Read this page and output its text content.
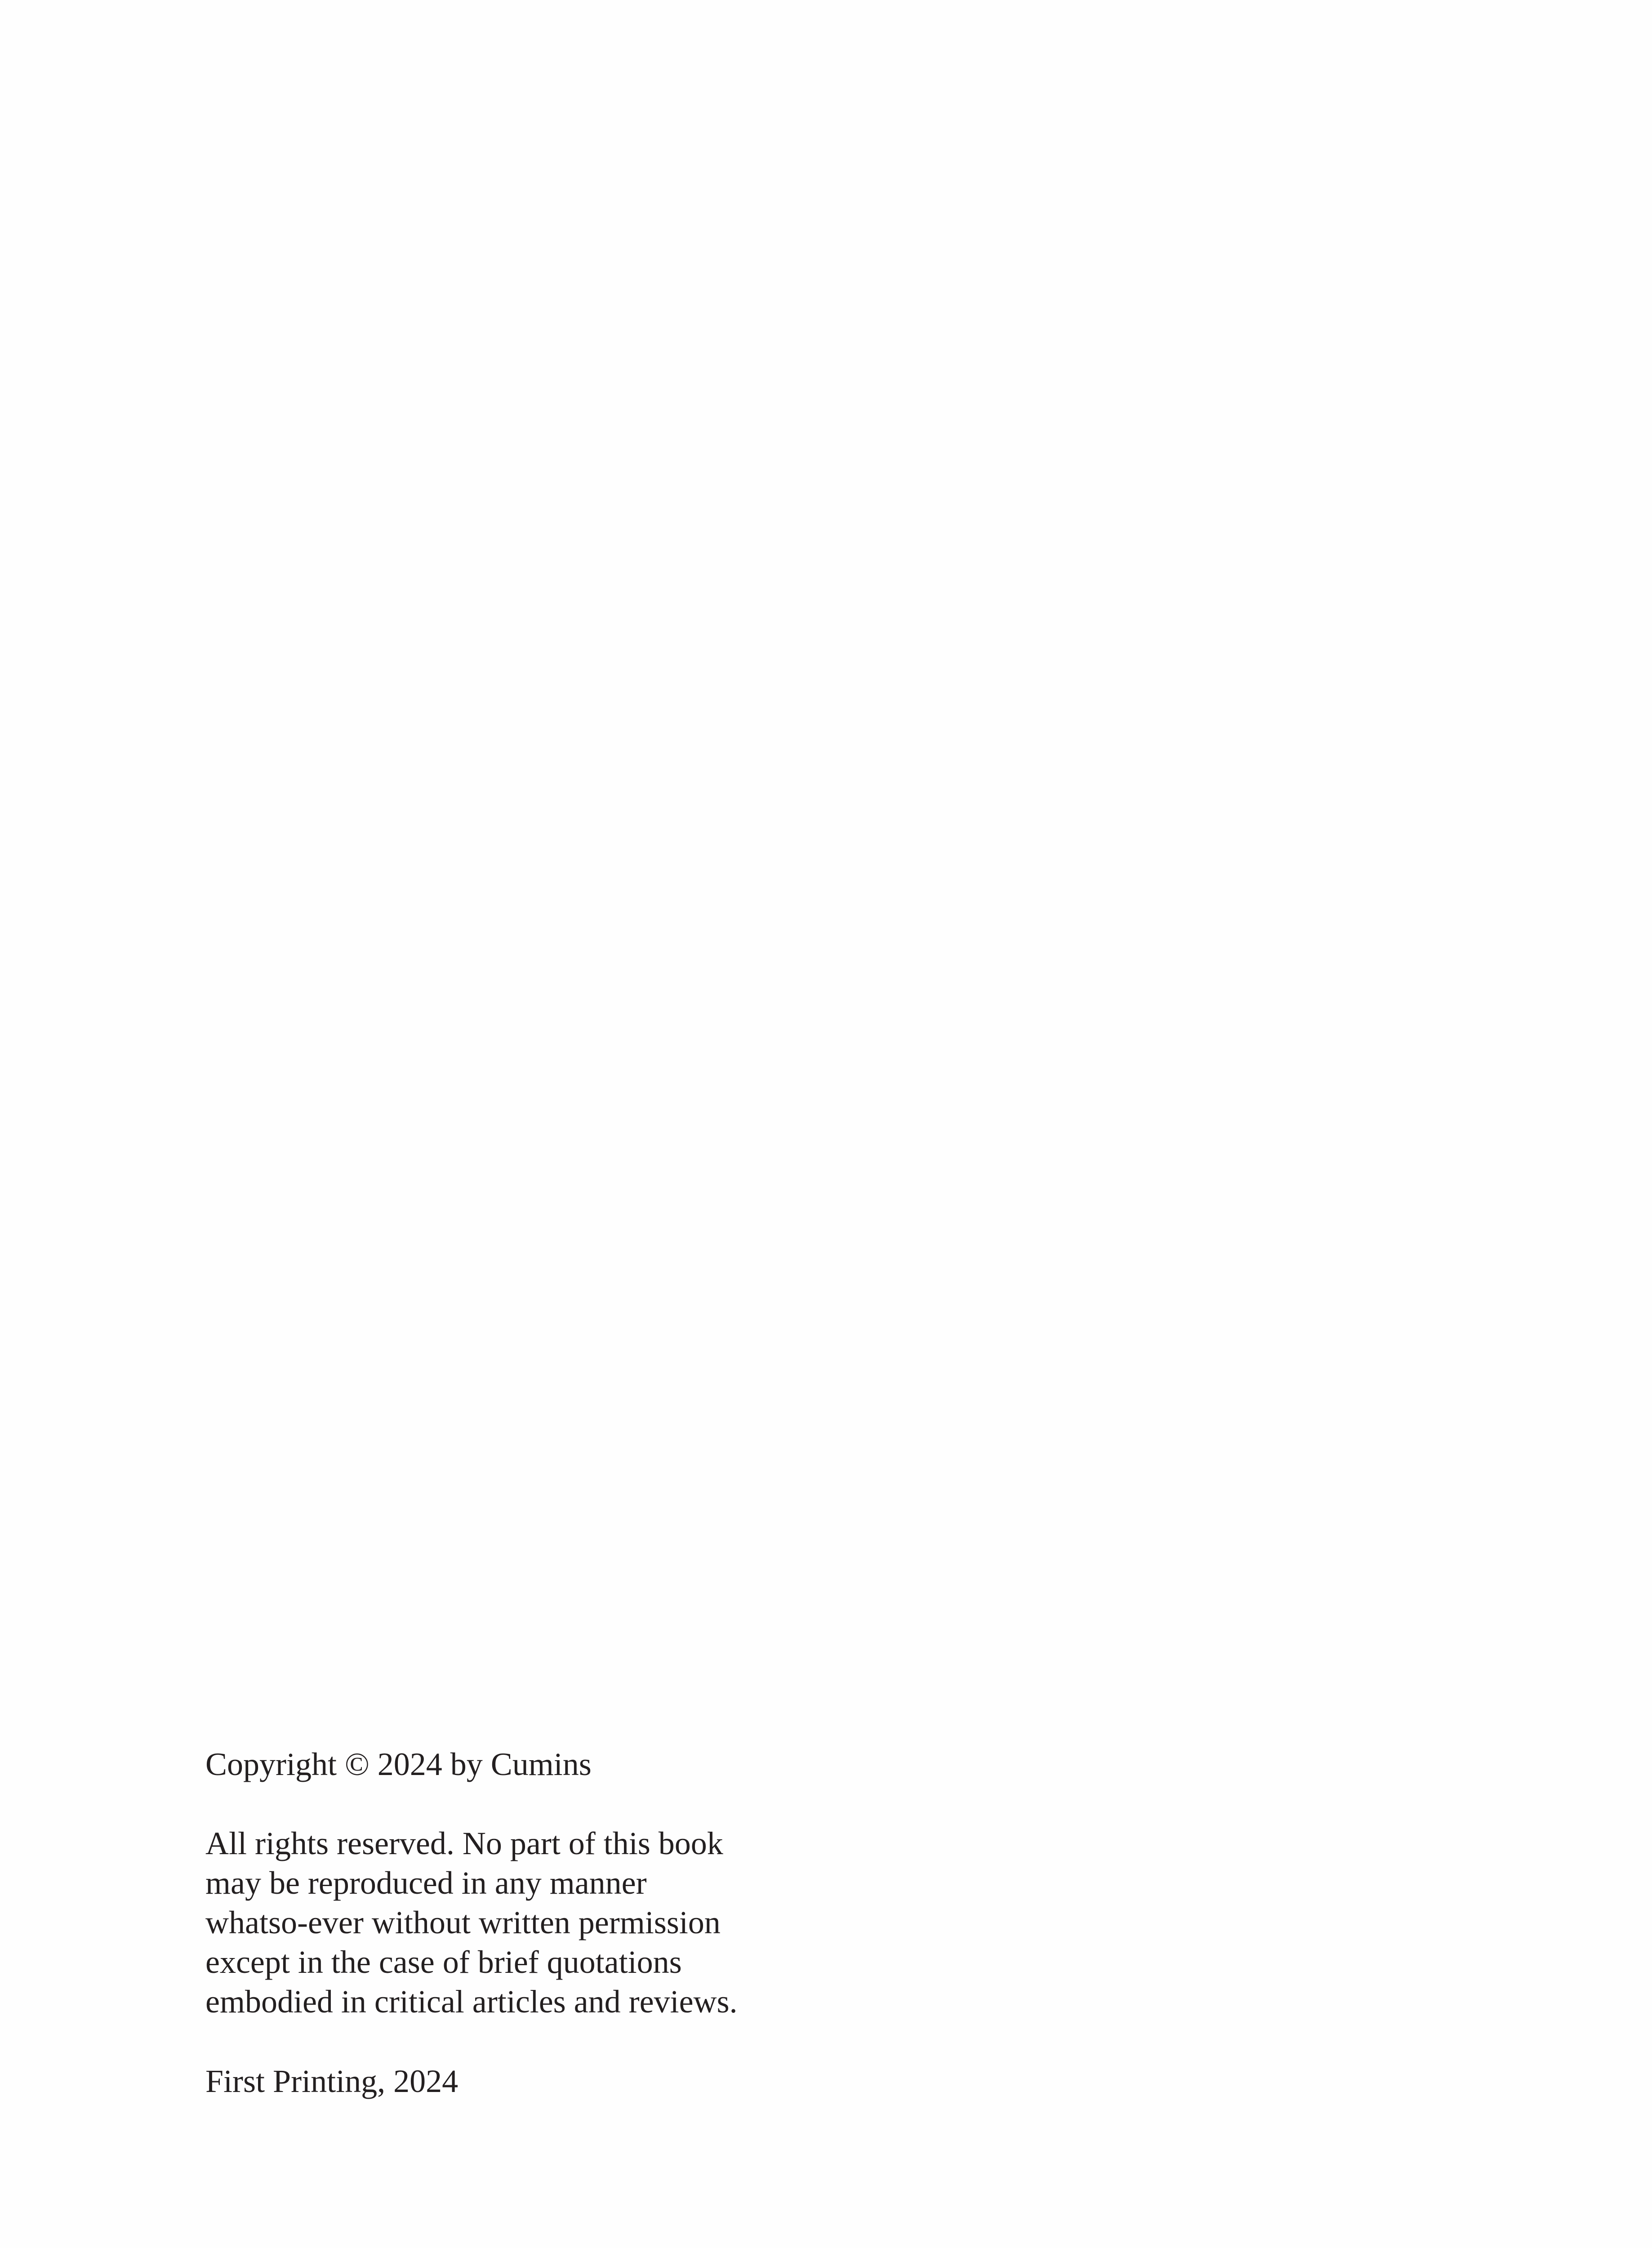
Copyright © 2024 by Cumins

All rights reserved. No part of this book
may be reproduced in any manner
whatso-ever without written permission
except in the case of brief quotations
embodied in critical articles and reviews.

First Printing, 2024
